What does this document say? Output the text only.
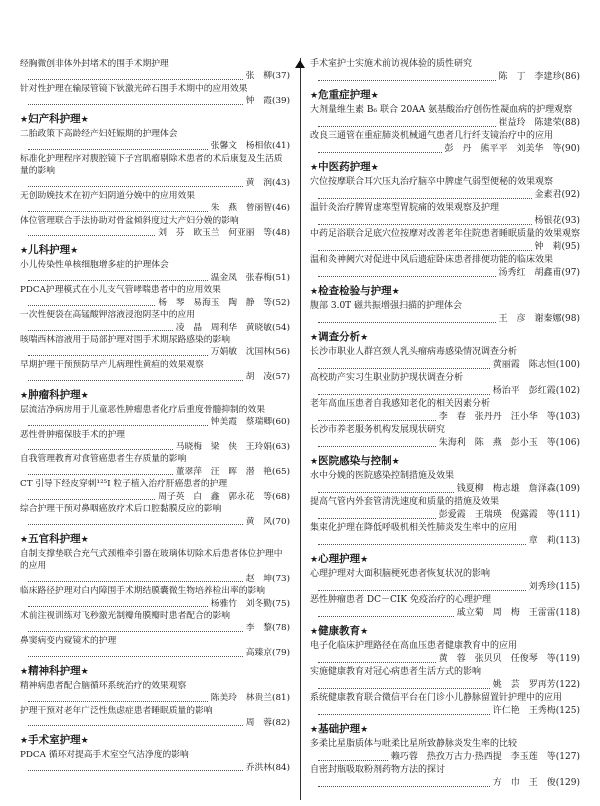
经胸微创非体外封堵术的围手术期护理
张　柳(37)
针对性护理在输尿管镜下钬激光碎石围手术期中的应用效果
钟　霞(39)
★妇产科护理★
二胎政策下高龄经产妇妊娠期的护理体会
张馨文　杨相依(41)
标准化护理程序对腹腔镜下子宫肌瘤剔除术患者的术后康复及生活质量的影响
黄　润(43)
无创助娩技术在初产妇阴道分娩中的应用效果
朱　燕　曾丽智(46)
体位管理联合手法协助对骨盆倾斜度过大产妇分娩的影响
刘　芬　欧玉兰　何亚丽　等(48)
★儿科护理★
小儿传染性单核细胞增多症的护理体会
温金凤　张春梅(51)
PDCA护理模式在小儿支气管哮喘患者中的应用效果
杨　琴　易海玉　陶　静　等(52)
一次性便袋在高锰酸钾溶液浸泡阴茎中的应用
凌　晶　周利华　黄晓敏(54)
咳喘西林溶液用于局部护理对围手术期尿路感染的影响
万娟敏　沈国林(56)
早期护理干预预防早产儿病理性黄疸的效果观察
胡　凌(57)
★肿瘤科护理★
层流洁净病房用于儿童恶性肿瘤患者化疗后重度骨髓抑制的效果
钟美霞　蔡瑞卿(60)
恶性骨肿瘤保肢手术的护理
马晓梅　梁　侠　王玲娟(63)
自我管理教育对食管癌患者生存质量的影响
董翠萍　汪　晖　潜　艳(65)
CT 引导下经皮穿刺¹²⁵I 粒子植入治疗肝癌患者的护理
周子英　白　鑫　郭永花　等(68)
综合护理干预对鼻咽癌放疗术后口腔黏膜反应的影响
黄　风(70)
★五官科护理★
自制支撑垫联合充气式颈椎牵引器在玻璃体切除术后患者体位护理中的应用
赵　坤(73)
临床路径护理对白内障围手术期结膜囊微生物培养检出率的影响
杨雅竹　刘冬勤(75)
术前注视训练对飞秒激光制瓣角膜瓣时患者配合的影响
李　黎(78)
鼻窦病变内窥镜术的护理
高臻京(79)
★精神科护理★
精神病患者配合脑循环系统治疗的效果观察
陈美玲　林贵兰(81)
护理干预对老年广泛性焦虑症患者睡眠质量的影响
周　蓉(82)
★手术室护理★
PDCA 循环对提高手术室空气洁净度的影响
乔洪林(84)
手术室护士实施术前访视体验的质性研究
陈　丁　李建珍(86)
★危重症护理★
大剂量维生素 B₆ 联合 20AA 氨基酸治疗创伤性凝血病的护理观察
崔益玲　陈建荣(88)
改良三通管在重症肺炎机械通气患者几行纤支镜治疗中的应用
彭　丹　熊平平　刘美华　等(90)
★中医药护理★
穴位按摩联合耳穴压丸治疗脑卒中脾虚气弱型便秘的效果观察
金素君(92)
温针灸治疗脾胃虚寒型胃脘痛的效果观察及护理
杨银花(93)
中药足浴联合足底穴位按摩对改善老年住院患者睡眠质量的效果观察
钟　莉(95)
温和灸神阙穴对促进中风后遗症卧床患者排便功能的临床效果
汤秀红　胡鑫甫(97)
★检查检验与护理★
腹部 3.0T 磁共振增强扫描的护理体会
王　彦　谢秦娜(98)
★调查分析★
长沙市职业人群宫颈人乳头瘤病毒感染情况调查分析
黄丽霞　陈志恒(100)
高校助产实习生职业防护现状调查分析
杨治平　彭红霞(102)
老年高血压患者自我感知老化的相关因素分析
李　春　张丹丹　汪小华　等(103)
长沙市养老服务机构发展现状研究
朱海利　陈　燕　彭小玉　等(106)
★医院感染与控制★
水中分娩的医院感染控制措施及效果
钱夏柳　梅志雄　詹泽森(109)
提高气管内外套管清洗速度和质量的措施及效果
彭爱霞　王瑞瑛　倪露霞　等(111)
集束化护理在降低呼吸机相关性肺炎发生率中的应用
章　莉(113)
★心理护理★
心理护理对大面积脑梗死患者恢复状况的影响
刘秀珍(115)
恶性肿瘤患者 DC－CIK 免疫治疗的心理护理
戚立菊　周　梅　王雷雷(118)
★健康教育★
电子化临床护理路径在高血压患者健康教育中的应用
黄　蓉　张贝贝　任俊琴　等(119)
实施健康教育对冠心病患者生活方式的影响
姚　芸　罗再芳(122)
系统健康教育联合微信平台在门诊小儿静脉留置针护理中的应用
许仁艳　王秀梅(125)
★基础护理★
多柔比星脂质体与吡柔比星所致静脉炎发生率的比较
赖巧蓉　热孜万古力·热西提　李玉莲　等(127)
自密封瓶吸取粉剂药物方法的探讨
方　巾　王　俊(129)
